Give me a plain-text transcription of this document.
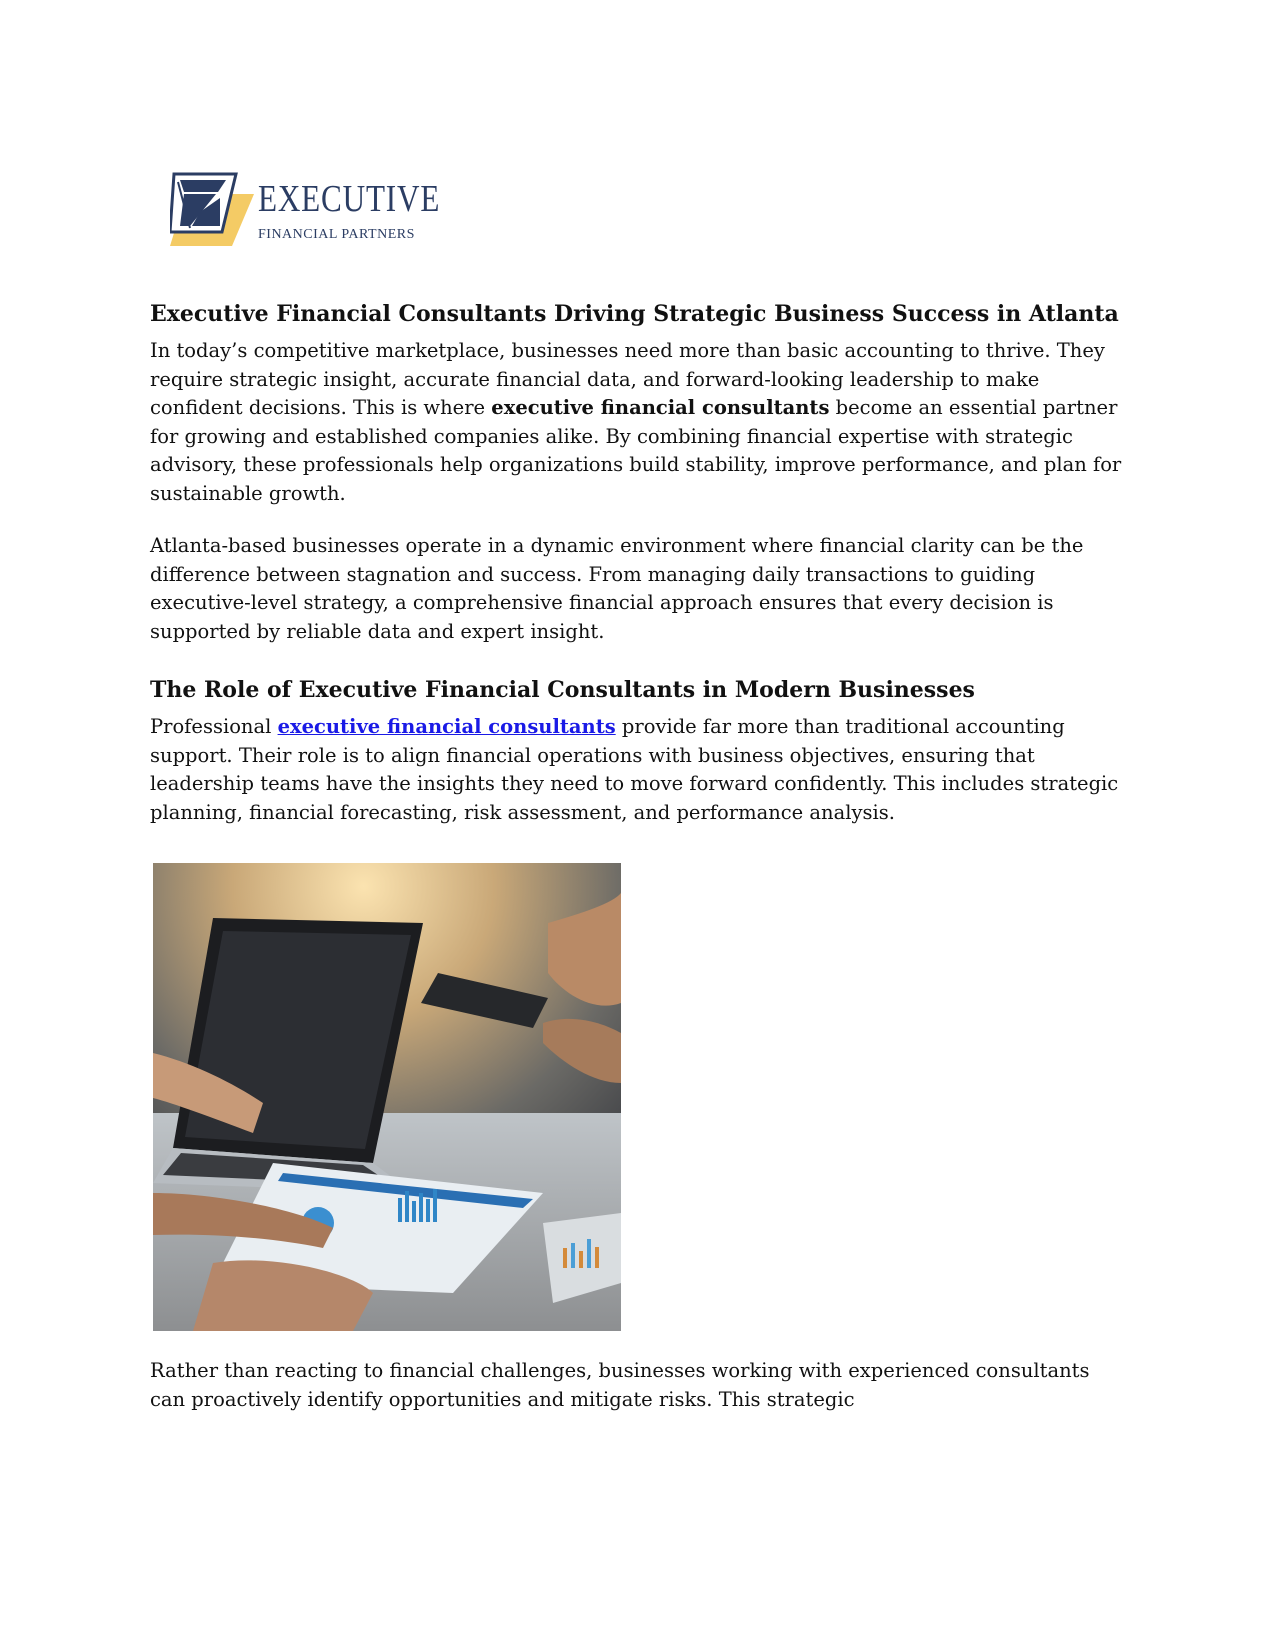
EXECUTIVE
FINANCIAL PARTNERS
Executive Financial Consultants Driving Strategic Business Success in Atlanta

In today’s competitive marketplace, businesses need more than basic accounting to thrive. They require strategic insight, accurate financial data, and forward-looking leadership to make confident decisions. This is where executive financial consultants become an essential partner for growing and established companies alike. By combining financial expertise with strategic advisory, these professionals help organizations build stability, improve performance, and plan for sustainable growth.

Atlanta-based businesses operate in a dynamic environment where financial clarity can be the difference between stagnation and success. From managing daily transactions to guiding executive-level strategy, a comprehensive financial approach ensures that every decision is supported by reliable data and expert insight.

The Role of Executive Financial Consultants in Modern Businesses

Professional executive financial consultants provide far more than traditional accounting support. Their role is to align financial operations with business objectives, ensuring that leadership teams have the insights they need to move forward confidently. This includes strategic planning, financial forecasting, risk assessment, and performance analysis.

Rather than reacting to financial challenges, businesses working with experienced consultants can proactively identify opportunities and mitigate risks. This strategic
